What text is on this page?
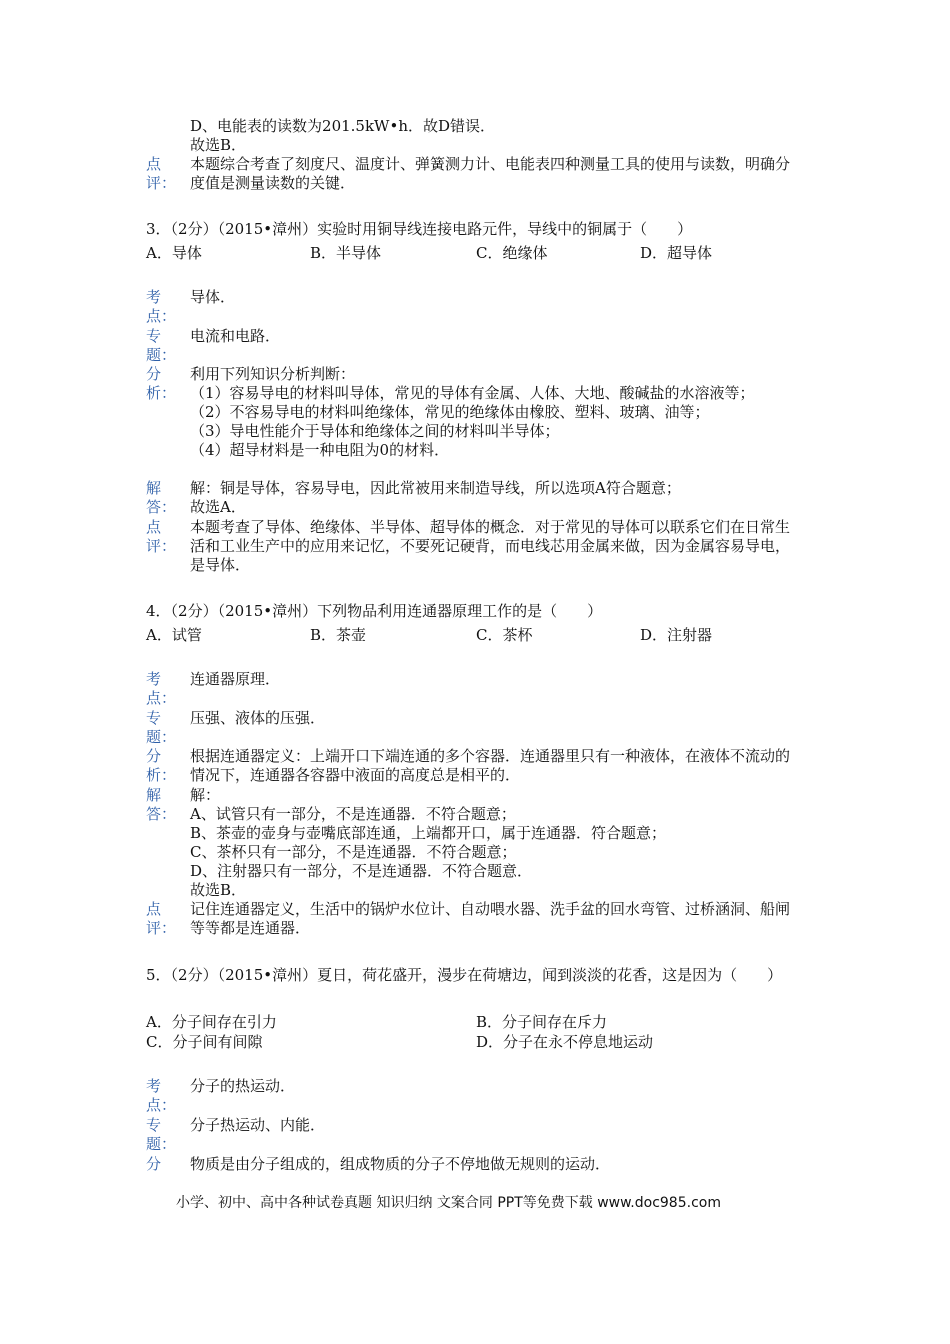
D、电能表的读数为201.5kW•h．故D错误．
故选B．
点评：
本题综合考查了刻度尺、温度计、弹簧测力计、电能表四种测量工具的使用与读数，明确分度值是测量读数的关键．
3．（2分）（2015•漳州）实验时用铜导线连接电路元件，导线中的铜属于（　　）
A．导体	B．半导体	C．绝缘体	D．超导体
考点：
导体．
专题：
电流和电路．
分析：
利用下列知识分析判断：
（1）容易导电的材料叫导体，常见的导体有金属、人体、大地、酸碱盐的水溶液等；
（2）不容易导电的材料叫绝缘体，常见的绝缘体由橡胶、塑料、玻璃、油等；
（3）导电性能介于导体和绝缘体之间的材料叫半导体；
（4）超导材料是一种电阻为0的材料．
解答：
解：铜是导体，容易导电，因此常被用来制造导线，所以选项A符合题意；
故选A．
点评：
本题考查了导体、绝缘体、半导体、超导体的概念．对于常见的导体可以联系它们在日常生活和工业生产中的应用来记忆，不要死记硬背，而电线芯用金属来做，因为金属容易导电，是导体．
4．（2分）（2015•漳州）下列物品利用连通器原理工作的是（　　）
A．试管	B．茶壶	C．茶杯	D．注射器
考点：
连通器原理．
专题：
压强、液体的压强．
分析：
根据连通器定义：上端开口下端连通的多个容器．连通器里只有一种液体，在液体不流动的情况下，连通器各容器中液面的高度总是相平的．
解答：
解：
A、试管只有一部分，不是连通器．不符合题意；
B、茶壶的壶身与壶嘴底部连通，上端都开口，属于连通器．符合题意；
C、茶杯只有一部分，不是连通器．不符合题意；
D、注射器只有一部分，不是连通器．不符合题意．
故选B．
点评：
记住连通器定义，生活中的锅炉水位计、自动喂水器、洗手盆的回水弯管、过桥涵洞、船闸等等都是连通器．
5．（2分）（2015•漳州）夏日，荷花盛开，漫步在荷塘边，闻到淡淡的花香，这是因为（　　）
A．分子间存在引力	B．分子间存在斥力
C．分子间有间隙	D．分子在永不停息地运动
考点：
分子的热运动．
专题：
分子热运动、内能．
分	物质是由分子组成的，组成物质的分子不停地做无规则的运动．
小学、初中、高中各种试卷真题 知识归纳 文案合同 PPT等免费下载 www.doc985.com
